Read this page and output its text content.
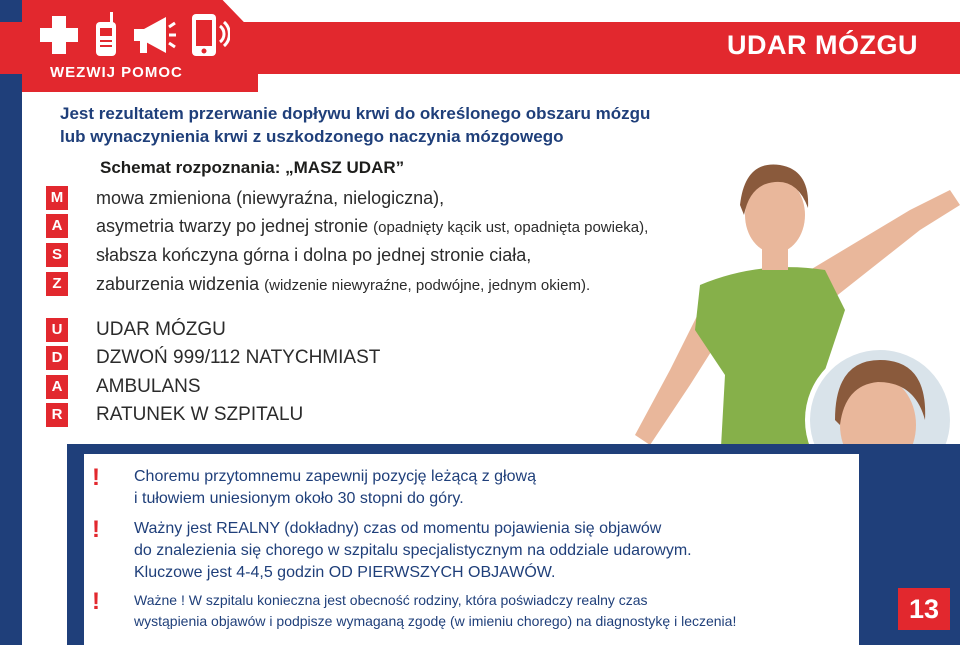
WEZWIJ POMOC
UDAR MÓZGU
Jest rezultatem przerwanie dopływu krwi do określonego obszaru mózgu
lub wynaczynienia krwi z uszkodzonego naczynia mózgowego
Schemat rozpoznania: „MASZ UDAR”
M mowa zmieniona (niewyraźna, nielogiczna),
A	asymetria twarzy po jednej stronie (opadnięty kącik ust, opadnięta powieka),
S	słabsza kończyna górna i dolna po jednej stronie ciała,
Z	zaburzenia widzenia (widzenie niewyraźne, podwójne, jednym okiem).
U UDAR MÓZGU
D DZWOŃ 999/112 NATYCHMIAST
A AMBULANS
R RATUNEK W SZPITALU
!	Choremu przytomnemu zapewnij pozycję leżącą z głową
i tułowiem uniesionym około 30 stopni do góry.
!	Ważny jest REALNY (dokładny) czas od momentu pojawienia się objawów
do znalezienia się chorego w szpitalu specjalistycznym na oddziale udarowym.
Kluczowe jest 4-4,5 godzin OD PIERWSZYCH OBJAWÓW.
!	Ważne ! W szpitalu konieczna jest obecność rodziny, która poświadczy realny czas
wystąpienia objawów i podpisze wymaganą zgodę (w imieniu chorego) na diagnostykę i leczenia!	13
